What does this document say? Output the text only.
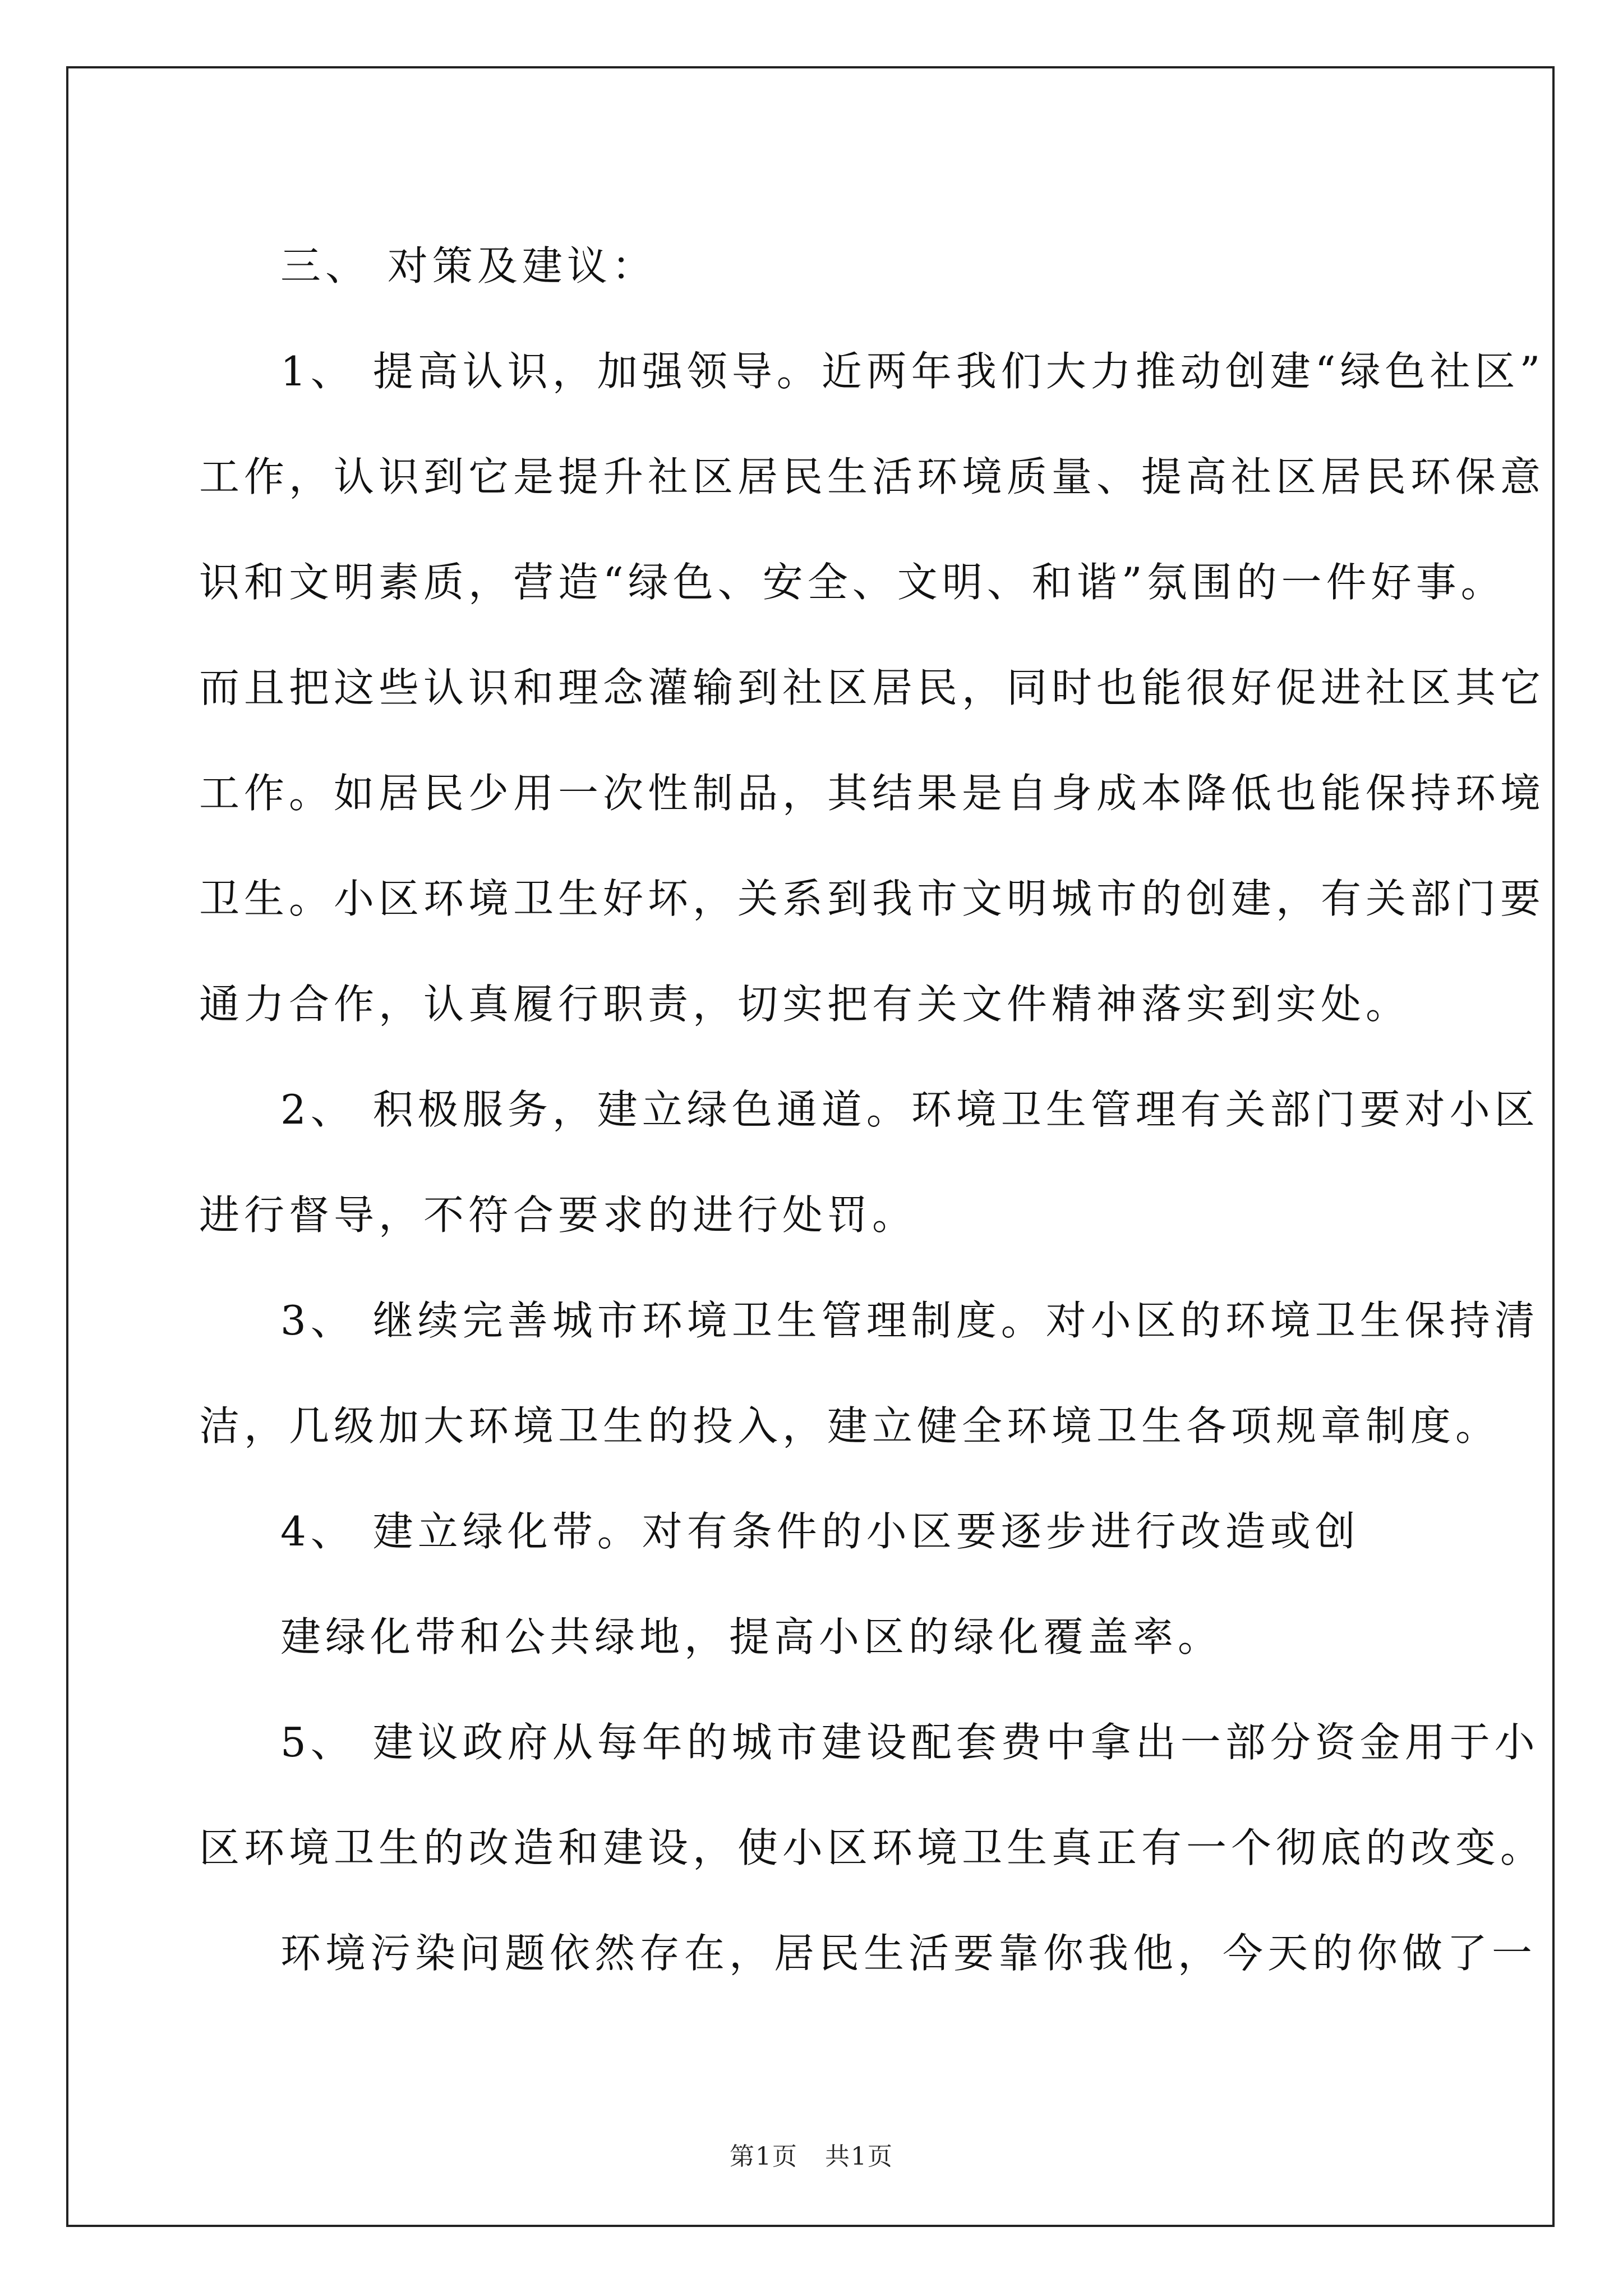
三、 对策及建议：
1、 提高认识，加强领导。近两年我们大力推动创建“绿色社区”
工作，认识到它是提升社区居民生活环境质量、提高社区居民环保意
识和文明素质，营造“绿色、安全、文明、和谐”氛围的一件好事。
而且把这些认识和理念灌输到社区居民，同时也能很好促进社区其它
工作。如居民少用一次性制品，其结果是自身成本降低也能保持环境
卫生。小区环境卫生好坏，关系到我市文明城市的创建，有关部门要
通力合作，认真履行职责，切实把有关文件精神落实到实处。
2、 积极服务，建立绿色通道。环境卫生管理有关部门要对小区
进行督导，不符合要求的进行处罚。
3、 继续完善城市环境卫生管理制度。对小区的环境卫生保持清
洁，几级加大环境卫生的投入，建立健全环境卫生各项规章制度。
4、 建立绿化带。对有条件的小区要逐步进行改造或创
建绿化带和公共绿地，提高小区的绿化覆盖率。
5、 建议政府从每年的城市建设配套费中拿出一部分资金用于小
区环境卫生的改造和建设，使小区环境卫生真正有一个彻底的改变。
环境污染问题依然存在，居民生活要靠你我他，今天的你做了一
第1页 共1页
